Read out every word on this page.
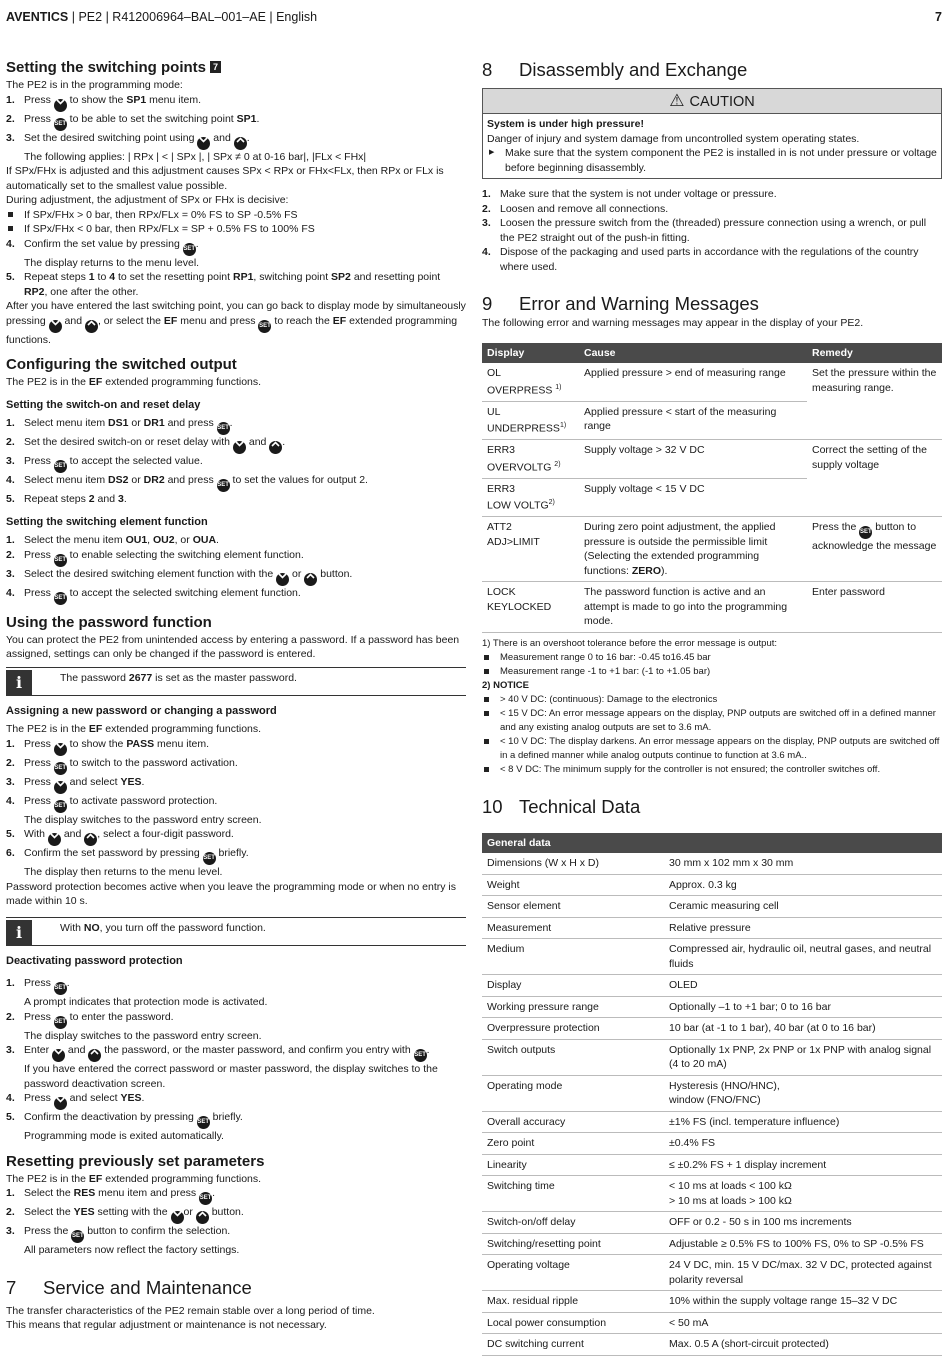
AVENTICS | PE2 | R412006964–BAL–001–AE | English	7
Setting the switching points 7

The PE2 is in the programming mode:

1. Press  to show the SP1 menu item.
2. Press SET to be able to set the switching point SP1.
3. Set the desired switching point using  and .
The following applies: | RPx | < | SPx |, | SPx ≠ 0 at 0-16 bar|, |FLx < FHx|

If SPx/FHx is adjusted and this adjustment causes SPx < RPx or FHx<FLx, then RPx or FLx is automatically set to the smallest value possible.

During adjustment, the adjustment of SPx or FHx is decisive:

If SPx/FHx > 0 bar, then RPx/FLx = 0% FS to SP -0.5% FS
If SPx/FHx < 0 bar, then RPx/FLx = SP + 0.5% FS to 100% FS
4. Confirm the set value by pressing SET.
The display returns to the menu level.
5. Repeat steps 1 to 4 to set the resetting point RP1, switching point SP2 and resetting point RP2, one after the other.

After you have entered the last switching point, you can go back to display mode by simultaneously pressing  and , or select the EF menu and press SET to reach the EF extended programming functions.

Configuring the switched output

The PE2 is in the EF extended programming functions.

Setting the switch-on and reset delay
1. Select menu item DS1 or DR1 and press SET.
2. Set the desired switch-on or reset delay with  and .
3. Press SET to accept the selected value.
4. Select menu item DS2 or DR2 and press SET to set the values for output 2.
5. Repeat steps 2 and 3.
Setting the switching element function
1. Select the menu item OU1, OU2, or OUA.
2. Press SET to enable selecting the switching element function.
3. Select the desired switching element function with the  or  button.
4. Press SET to accept the selected switching element function.
Using the password function

You can protect the PE2 from unintended access by entering a password. If a password has been assigned, settings can only be changed if the password is entered.

i	The password 2677 is set as the master password.
Assigning a new password or changing a password

The PE2 is in the EF extended programming functions.

1. Press  to show the PASS menu item.
2. Press SET to switch to the password activation.
3. Press  and select YES.
4. Press SET to activate password protection.
The display switches to the password entry screen.
5. With  and , select a four-digit password.
6. Confirm the set password by pressing SET briefly.
The display then returns to the menu level.

Password protection becomes active when you leave the programming mode or when no entry is made within 10 s.

i	With NO, you turn off the password function.
Deactivating password protection
1. Press SET.
A prompt indicates that protection mode is activated.
2. Press SET to enter the password.
The display switches to the password entry screen.
3. Enter  and  the password, or the master password, and confirm you entry with SET.
If you have entered the correct password or master password, the display switches to the password deactivation screen.
4. Press  and select YES.
5. Confirm the deactivation by pressing SET briefly.
Programming mode is exited automatically.
Resetting previously set parameters

The PE2 is in the EF extended programming functions.

1. Select the RES menu item and press SET.
2. Select the YES setting with the or  button.
3. Press the SET button to confirm the selection.
All parameters now reflect the factory settings.
7 Service and Maintenance

The transfer characteristics of the PE2 remain stable over a long period of time.

This means that regular adjustment or maintenance is not necessary.

8 Disassembly and Exchange
⚠ CAUTION

System is under high pressure!

Danger of injury and system damage from uncontrolled system operating states.

▶ Make sure that the system component the PE2 is installed in is not under pressure or voltage before beginning disassembly.

1. Make sure that the system is not under voltage or pressure.
2. Loosen and remove all connections.
3. Loosen the pressure switch from the (threaded) pressure connection using a wrench, or pull the PE2 straight out of the push-in fitting.
4. Dispose of the packaging and used parts in accordance with the regulations of the country where used.
9 Error and Warning Messages

The following error and warning messages may appear in the display of your PE2.

Display	Cause	Remedy
OL
OVERPRESS $^{1)}$	Applied pressure > end of measuring range	Set the pressure within the measuring range.
UL
UNDERPRESS$^{1)}$	Applied pressure < start of the measuring range	
ERR3
OVERVOLTG $^{2)}$	Supply voltage > 32 V DC	Correct the setting of the supply voltage
ERR3
LOW VOLTG$^{2)}$	Supply voltage < 15 V DC	
ATT2
ADJ>LIMIT	During zero point adjustment, the applied pressure is outside the permissible limit (Selecting the extended programming functions: ZERO).	Press the SET button to acknowledge the message
LOCK
KEYLOCKED	The password function is active and an attempt is made to go into the programming mode.	Enter password

1) There is an overshoot tolerance before the error message is output:

Measurement range 0 to 16 bar: -0.45 to16.45 bar
Measurement range -1 to +1 bar: (-1 to +1.05 bar)

2) NOTICE

> 40 V DC: (continuous): Damage to the electronics
< 15 V DC: An error message appears on the display, PNP outputs are switched off in a defined manner and any existing analog outputs are set to 3.6 mA.
< 10 V DC: The display darkens. An error message appears on the display, PNP outputs are switched off in a defined manner while analog outputs continue to function at 3.6 mA..
< 8 V DC: The minimum supply for the controller is not ensured; the controller switches off.
10 Technical Data
General data	
Dimensions (W x H x D)	30 mm x 102 mm x 30 mm
Weight	Approx. 0.3 kg
Sensor element	Ceramic measuring cell
Measurement	Relative pressure
Medium	Compressed air, hydraulic oil, neutral gases, and neutral fluids
Display	OLED
Working pressure range	Optionally –1 to +1 bar; 0 to 16 bar
Overpressure protection	10 bar (at -1 to 1 bar), 40 bar (at 0 to 16 bar)
Switch outputs	Optionally 1x PNP, 2x PNP or 1x PNP with analog signal (4 to 20 mA)
Operating mode	Hysteresis (HNO/HNC),
window (FNO/FNC)
Overall accuracy	±1% FS (incl. temperature influence)
Zero point	±0.4% FS
Linearity	≤ ±0.2% FS + 1 display increment
Switching time	< 10 ms at loads < 100 kΩ
> 10 ms at loads > 100 kΩ
Switch-on/off delay	OFF or 0.2 - 50 s in 100 ms increments
Switching/resetting point	Adjustable ≥ 0.5% FS to 100% FS, 0% to SP -0.5% FS
Operating voltage	24 V DC, min. 15 V DC/max. 32 V DC, protected against polarity reversal
Max. residual ripple	10% within the supply voltage range 15–32 V DC
Local power consumption	< 50 mA
DC switching current	Max. 0.5 A (short-circuit protected)
